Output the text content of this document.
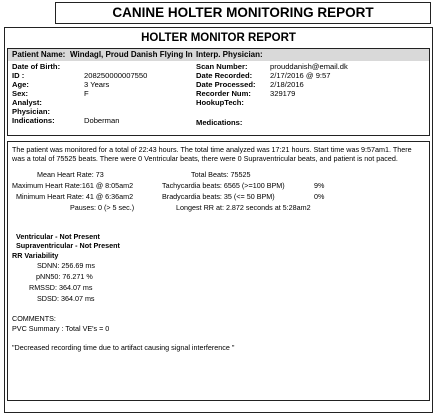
CANINE HOLTER MONITORING REPORT
HOLTER MONITOR REPORT
Patient Name: Windagl, Proud Danish Flying In Interp. Physician:
Date of Birth:
ID :	208250000007550
Age:	3 Years
Sex:	F
Analyst:
Physician:
Indications:	Doberman
Scan Number:	prouddanish@email.dk
Date Recorded: 2/17/2016 @ 9:57
Date Processed: 2/18/2016
Recorder Num:	329179
HookupTech:
Medications:
The patient was monitored for a total of 22:43 hours. The total time analyzed was 17:21 hours. Start time was 9:57am1. There was a total of 75525 beats. There were 0 Ventricular beats, there were 0 Supraventricular beats, and patient is not paced.
Mean Heart Rate: 73
Maximum Heart Rate:161 @ 8:05am2
Minimum Heart Rate: 41 @ 6:36am2
Pauses: 0 (> 5 sec.)
Total Beats: 75525
Tachycardia beats: 6565 (>=100 BPM)	9%
Bradycardia beats: 35 (<= 50 BPM)	0%
Longest RR at: 2.872 seconds at 5:28am2
Ventricular - Not Present
Supraventricular - Not Present
RR Variability
SDNN: 256.69 ms
pNN50: 76.271 %
RMSSD: 364.07 ms
SDSD: 364.07 ms
COMMENTS:
PVC Summary : Total VE's = 0
"Decreased recording time due to artifact causing signal interference "
